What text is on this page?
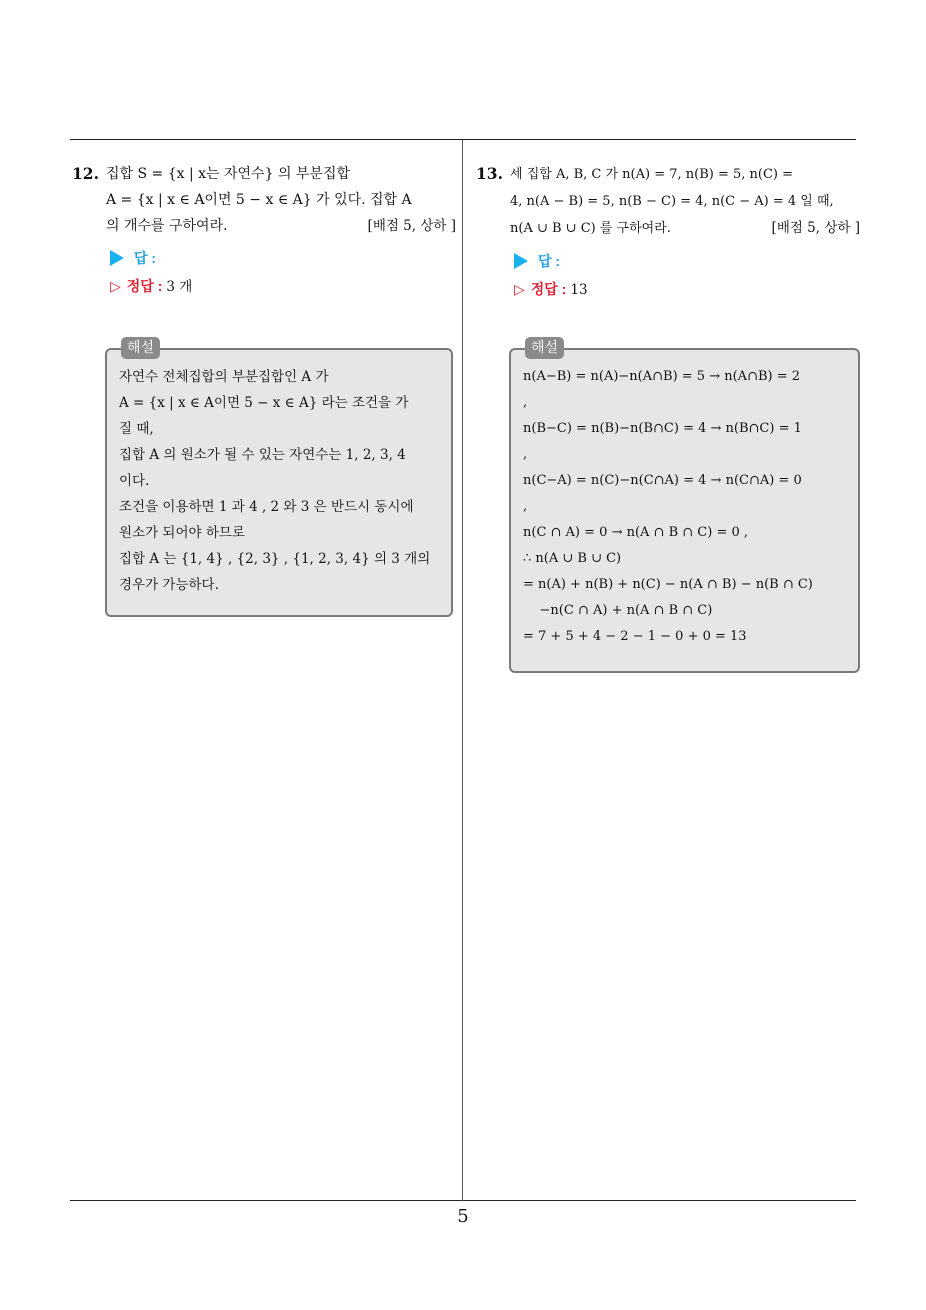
12. 집합 S = {x | x는 자연수} 의 부분집합
A = {x | x ∈ A이면 5 − x ∈ A} 가 있다. 집합 A
의 개수를 구하여라.	[배점 5, 상하 ]
답 :
▷ 정답 : 3 개
해설
자연수 전체집합의 부분집합인 A 가
A = {x | x ∈ A이면 5 − x ∈ A} 라는 조건을 가
질 때,
집합 A 의 원소가 될 수 있는 자연수는 1, 2, 3, 4
이다.
조건을 이용하면 1 과 4 , 2 와 3 은 반드시 동시에
원소가 되어야 하므로
집합 A 는 {1, 4} , {2, 3} , {1, 2, 3, 4} 의 3 개의
경우가 가능하다.
13. 세 집합 A, B, C 가 n(A) = 7, n(B) = 5, n(C) =
4, n(A − B) = 5, n(B − C) = 4, n(C − A) = 4 일 때,
n(A ∪ B ∪ C) 를 구하여라.	[배점 5, 상하 ]
답 :
▷ 정답 : 13
해설
n(A−B) = n(A)−n(A∩B) = 5 → n(A∩B) = 2
,
n(B−C) = n(B)−n(B∩C) = 4 → n(B∩C) = 1
,
n(C−A) = n(C)−n(C∩A) = 4 → n(C∩A) = 0
,
n(C ∩ A) = 0 → n(A ∩ B ∩ C) = 0 ,
∴ n(A ∪ B ∪ C)
= n(A) + n(B) + n(C) − n(A ∩ B) − n(B ∩ C)
−n(C ∩ A) + n(A ∩ B ∩ C)
= 7 + 5 + 4 − 2 − 1 − 0 + 0 = 13
5
